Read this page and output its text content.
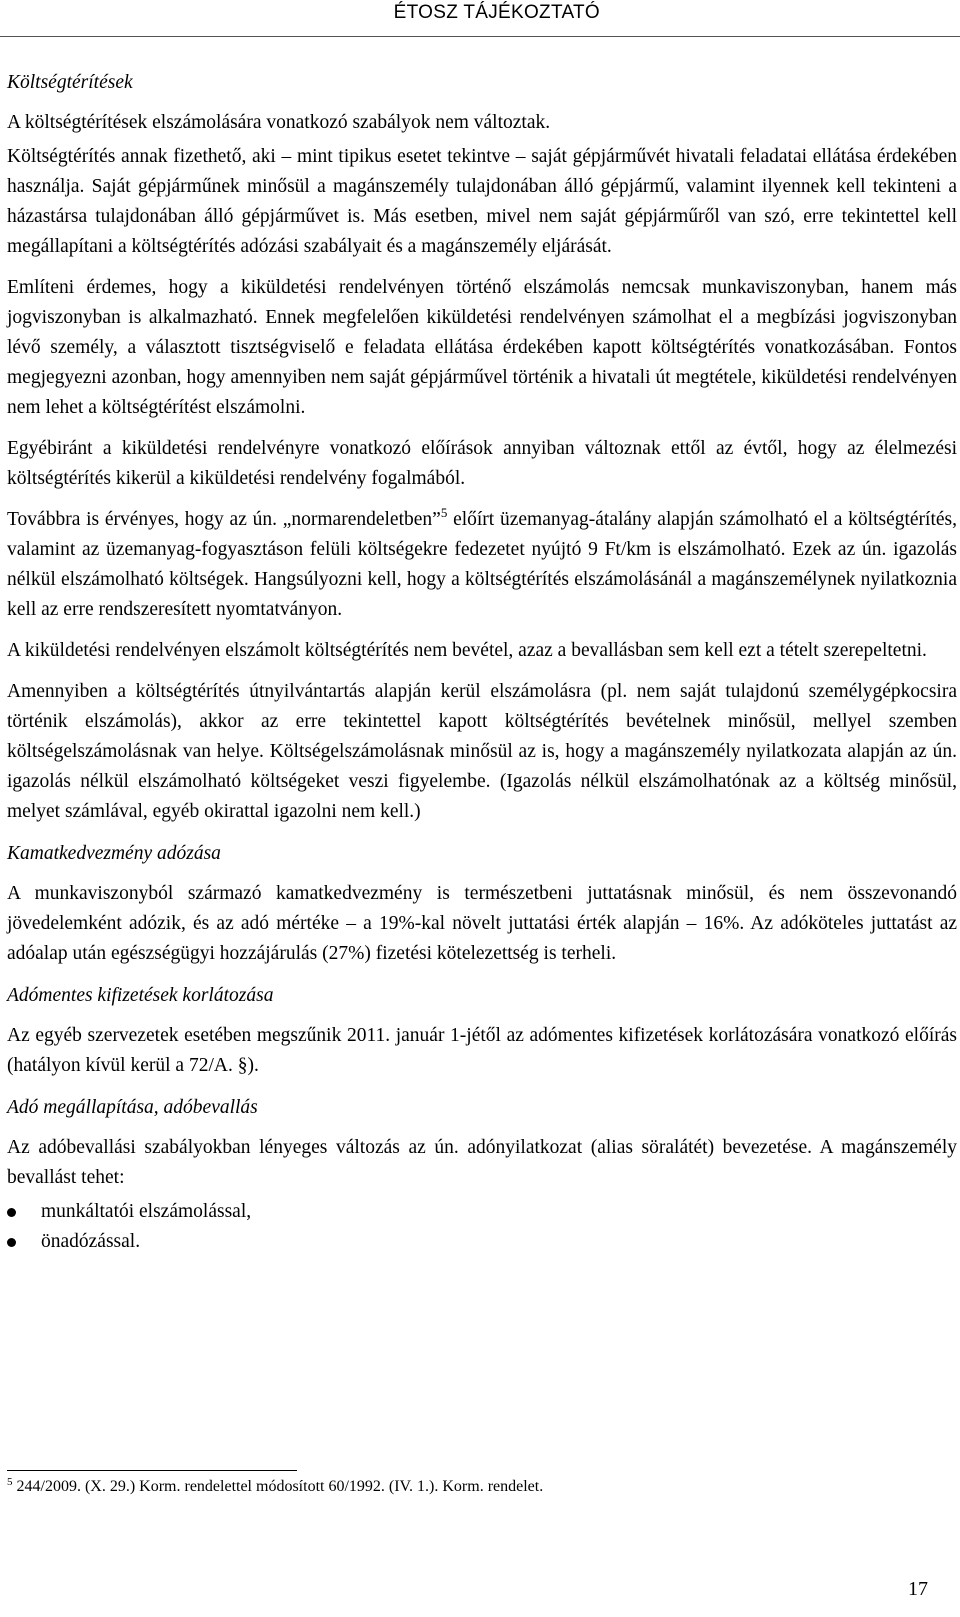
ÉTOSZ TÁJÉKOZTATÓ
Költségtérítések

A költségtérítések elszámolására vonatkozó szabályok nem változtak.

Költségtérítés annak fizethető, aki – mint tipikus esetet tekintve – saját gépjárművét hivatali feladatai ellátása érdekében használja. Saját gépjárműnek minősül a magánszemély tulajdonában álló gépjármű, valamint ilyennek kell tekinteni a házastársa tulajdonában álló gépjárművet is. Más esetben, mivel nem saját gépjárműről van szó, erre tekintettel kell megállapítani a költségtérítés adózási szabályait és a magánszemély eljárását.

Említeni érdemes, hogy a kiküldetési rendelvényen történő elszámolás nemcsak munkaviszonyban, hanem más jogviszonyban is alkalmazható. Ennek megfelelően kiküldetési rendelvényen számolhat el a megbízási jogviszonyban lévő személy, a választott tisztségviselő e feladata ellátása érdekében kapott költségtérítés vonatkozásában. Fontos megjegyezni azonban, hogy amennyiben nem saját gépjárművel történik a hivatali út megtétele, kiküldetési rendelvényen nem lehet a költségtérítést elszámolni.

Egyébiránt a kiküldetési rendelvényre vonatkozó előírások annyiban változnak ettől az évtől, hogy az élelmezési költségtérítés kikerül a kiküldetési rendelvény fogalmából.

Továbbra is érvényes, hogy az ún. „normarendeletben”$^5$ előírt üzemanyag-átalány alapján számolható el a költségtérítés, valamint az üzemanyag-fogyasztáson felüli költségekre fedezetet nyújtó 9 Ft/km is elszámolható. Ezek az ún. igazolás nélkül elszámolható költségek. Hangsúlyozni kell, hogy a költségtérítés elszámolásánál a magánszemélynek nyilatkoznia kell az erre rendszeresített nyomtatványon.

A kiküldetési rendelvényen elszámolt költségtérítés nem bevétel, azaz a bevallásban sem kell ezt a tételt szerepeltetni.

Amennyiben a költségtérítés útnyilvántartás alapján kerül elszámolásra (pl. nem saját tulajdonú személygépkocsira történik elszámolás), akkor az erre tekintettel kapott költségtérítés bevételnek minősül, mellyel szemben költségelszámolásnak van helye. Költségelszámolásnak minősül az is, hogy a magánszemély nyilatkozata alapján az ún. igazolás nélkül elszámolható költségeket veszi figyelembe. (Igazolás nélkül elszámolhatónak az a költség minősül, melyet számlával, egyéb okirattal igazolni nem kell.)

Kamatkedvezmény adózása

A munkaviszonyból származó kamatkedvezmény is természetbeni juttatásnak minősül, és nem összevonandó jövedelemként adózik, és az adó mértéke – a 19%-kal növelt juttatási érték alapján – 16%. Az adóköteles juttatást az adóalap után egészségügyi hozzájárulás (27%) fizetési kötelezettség is terheli.

Adómentes kifizetések korlátozása

Az egyéb szervezetek esetében megszűnik 2011. január 1-jétől az adómentes kifizetések korlátozására vonatkozó előírás (hatályon kívül kerül a 72/A. §).

Adó megállapítása, adóbevallás

Az adóbevallási szabályokban lényeges változás az ún. adónyilatkozat (alias söralátét) bevezetése. A magánszemély bevallást tehet:

munkáltatói elszámolással,
önadózással.
$^5$ 244/2009. (X. 29.) Korm. rendelettel módosított 60/1992. (IV. 1.). Korm. rendelet.
17
